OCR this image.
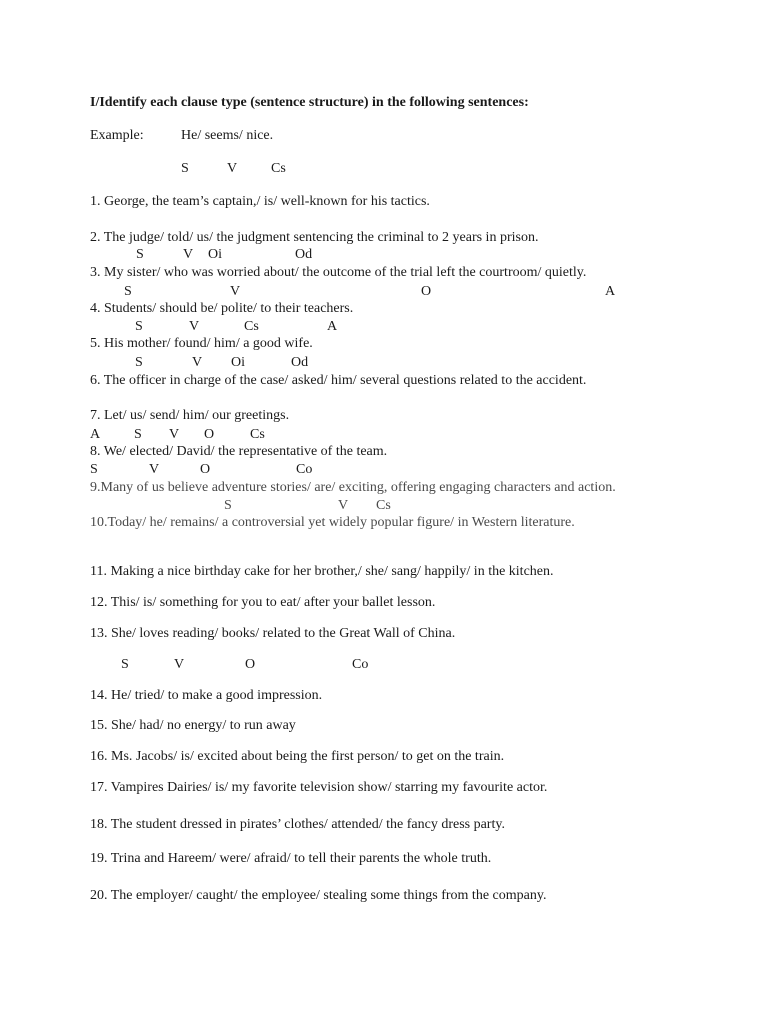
I/Identify each clause type (sentence structure) in the following sentences:
Example:	He/ seems/ nice.
S	V Cs
1. George, the team’s captain,/ is/ well-known for his tactics.
2. The judge/ told/ us/ the judgment sentencing the criminal to 2 years in prison.
S	V Oi	Od
3. My sister/ who was worried about/ the outcome of the trial left the courtroom/ quietly.
S	V	O	A
4. Students/ should be/ polite/ to their teachers.
S	V	Cs	A
5. His mother/ found/ him/ a good wife.
S	V Oi	Od
6. The officer in charge of the case/ asked/ him/ several questions related to the accident.
7. Let/ us/ send/ him/ our greetings.
A S V O	Cs
8. We/ elected/ David/ the representative of the team.
S	V	O	Co
9.Many of us believe adventure stories/ are/ exciting, offering engaging characters and action.
S	V Cs
10.Today/ he/ remains/ a controversial yet widely popular figure/ in Western literature.
11. Making a nice birthday cake for her brother,/ she/ sang/ happily/ in the kitchen.
12. This/ is/ something for you to eat/ after your ballet lesson.
13. She/ loves reading/ books/ related to the Great Wall of China.
S	V	O	Co
14. He/ tried/ to make a good impression.
15. She/ had/ no energy/ to run away
16. Ms. Jacobs/ is/ excited about being the first person/ to get on the train.
17. Vampires Dairies/ is/ my favorite television show/ starring my favourite actor.
18. The student dressed in pirates’ clothes/ attended/ the fancy dress party.
19. Trina and Hareem/ were/ afraid/ to tell their parents the whole truth.
20. The employer/ caught/ the employee/ stealing some things from the company.
